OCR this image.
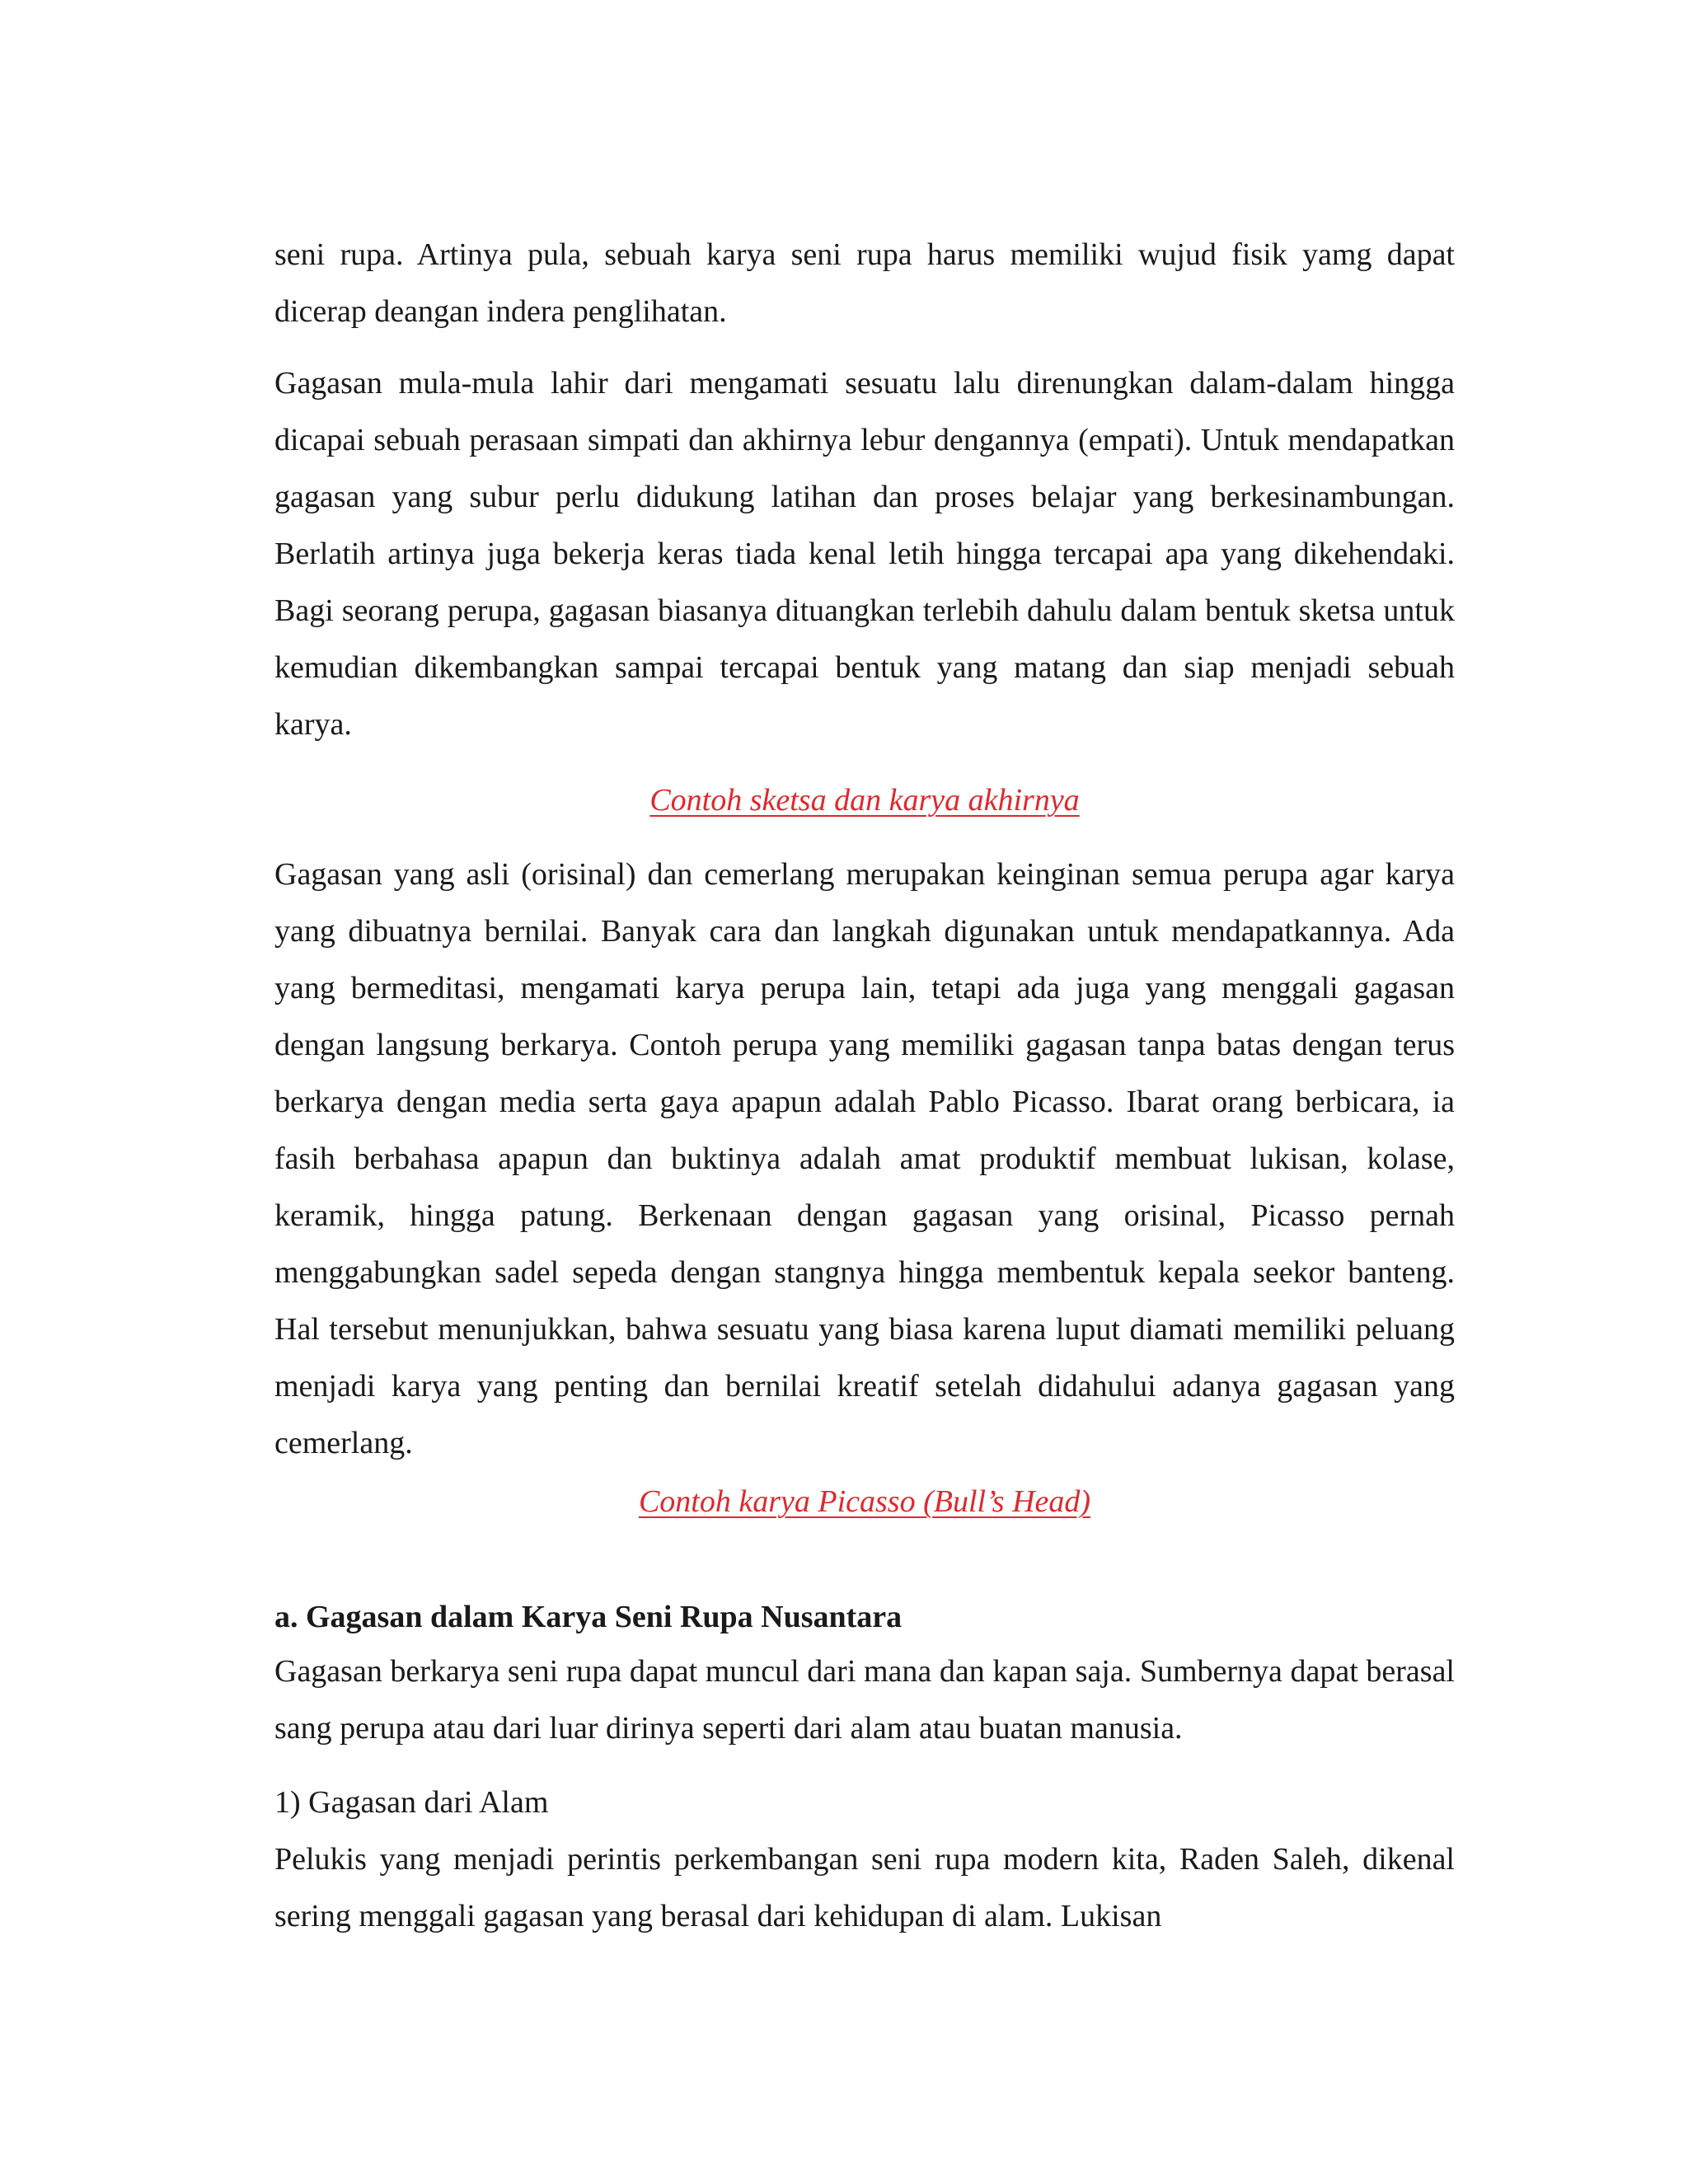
seni rupa. Artinya pula, sebuah karya seni rupa harus memiliki wujud fisik yamg dapat dicerap deangan indera penglihatan.

Gagasan mula-mula lahir dari mengamati sesuatu lalu direnungkan dalam-dalam hingga dicapai sebuah perasaan simpati dan akhirnya lebur dengannya (empati). Untuk mendapatkan gagasan yang subur perlu didukung latihan dan proses belajar yang berkesinambungan. Berlatih artinya juga bekerja keras tiada kenal letih hingga tercapai apa yang dikehendaki. Bagi seorang perupa, gagasan biasanya dituangkan terlebih dahulu dalam bentuk sketsa untuk kemudian dikembangkan sampai tercapai bentuk yang matang dan siap menjadi sebuah karya.

Contoh sketsa dan karya akhirnya

Gagasan yang asli (orisinal) dan cemerlang merupakan keinginan semua perupa agar karya yang dibuatnya bernilai. Banyak cara dan langkah digunakan untuk mendapatkannya. Ada yang bermeditasi, mengamati karya perupa lain, tetapi ada juga yang menggali gagasan dengan langsung berkarya. Contoh perupa yang memiliki gagasan tanpa batas dengan terus berkarya dengan media serta gaya apapun adalah Pablo Picasso. Ibarat orang berbicara, ia fasih berbahasa apapun dan buktinya adalah amat produktif membuat lukisan, kolase, keramik, hingga patung. Berkenaan dengan gagasan yang orisinal, Picasso pernah menggabungkan sadel sepeda dengan stangnya hingga membentuk kepala seekor banteng. Hal tersebut menunjukkan, bahwa sesuatu yang biasa karena luput diamati memiliki peluang menjadi karya yang penting dan bernilai kreatif setelah didahului adanya gagasan yang cemerlang.

Contoh karya Picasso (Bull’s Head)

a. Gagasan dalam Karya Seni Rupa Nusantara

Gagasan berkarya seni rupa dapat muncul dari mana dan kapan saja. Sumbernya dapat berasal sang perupa atau dari luar dirinya seperti dari alam atau buatan manusia.

1) Gagasan dari Alam

Pelukis yang menjadi perintis perkembangan seni rupa modern kita, Raden Saleh, dikenal sering menggali gagasan yang berasal dari kehidupan di alam. Lukisan
